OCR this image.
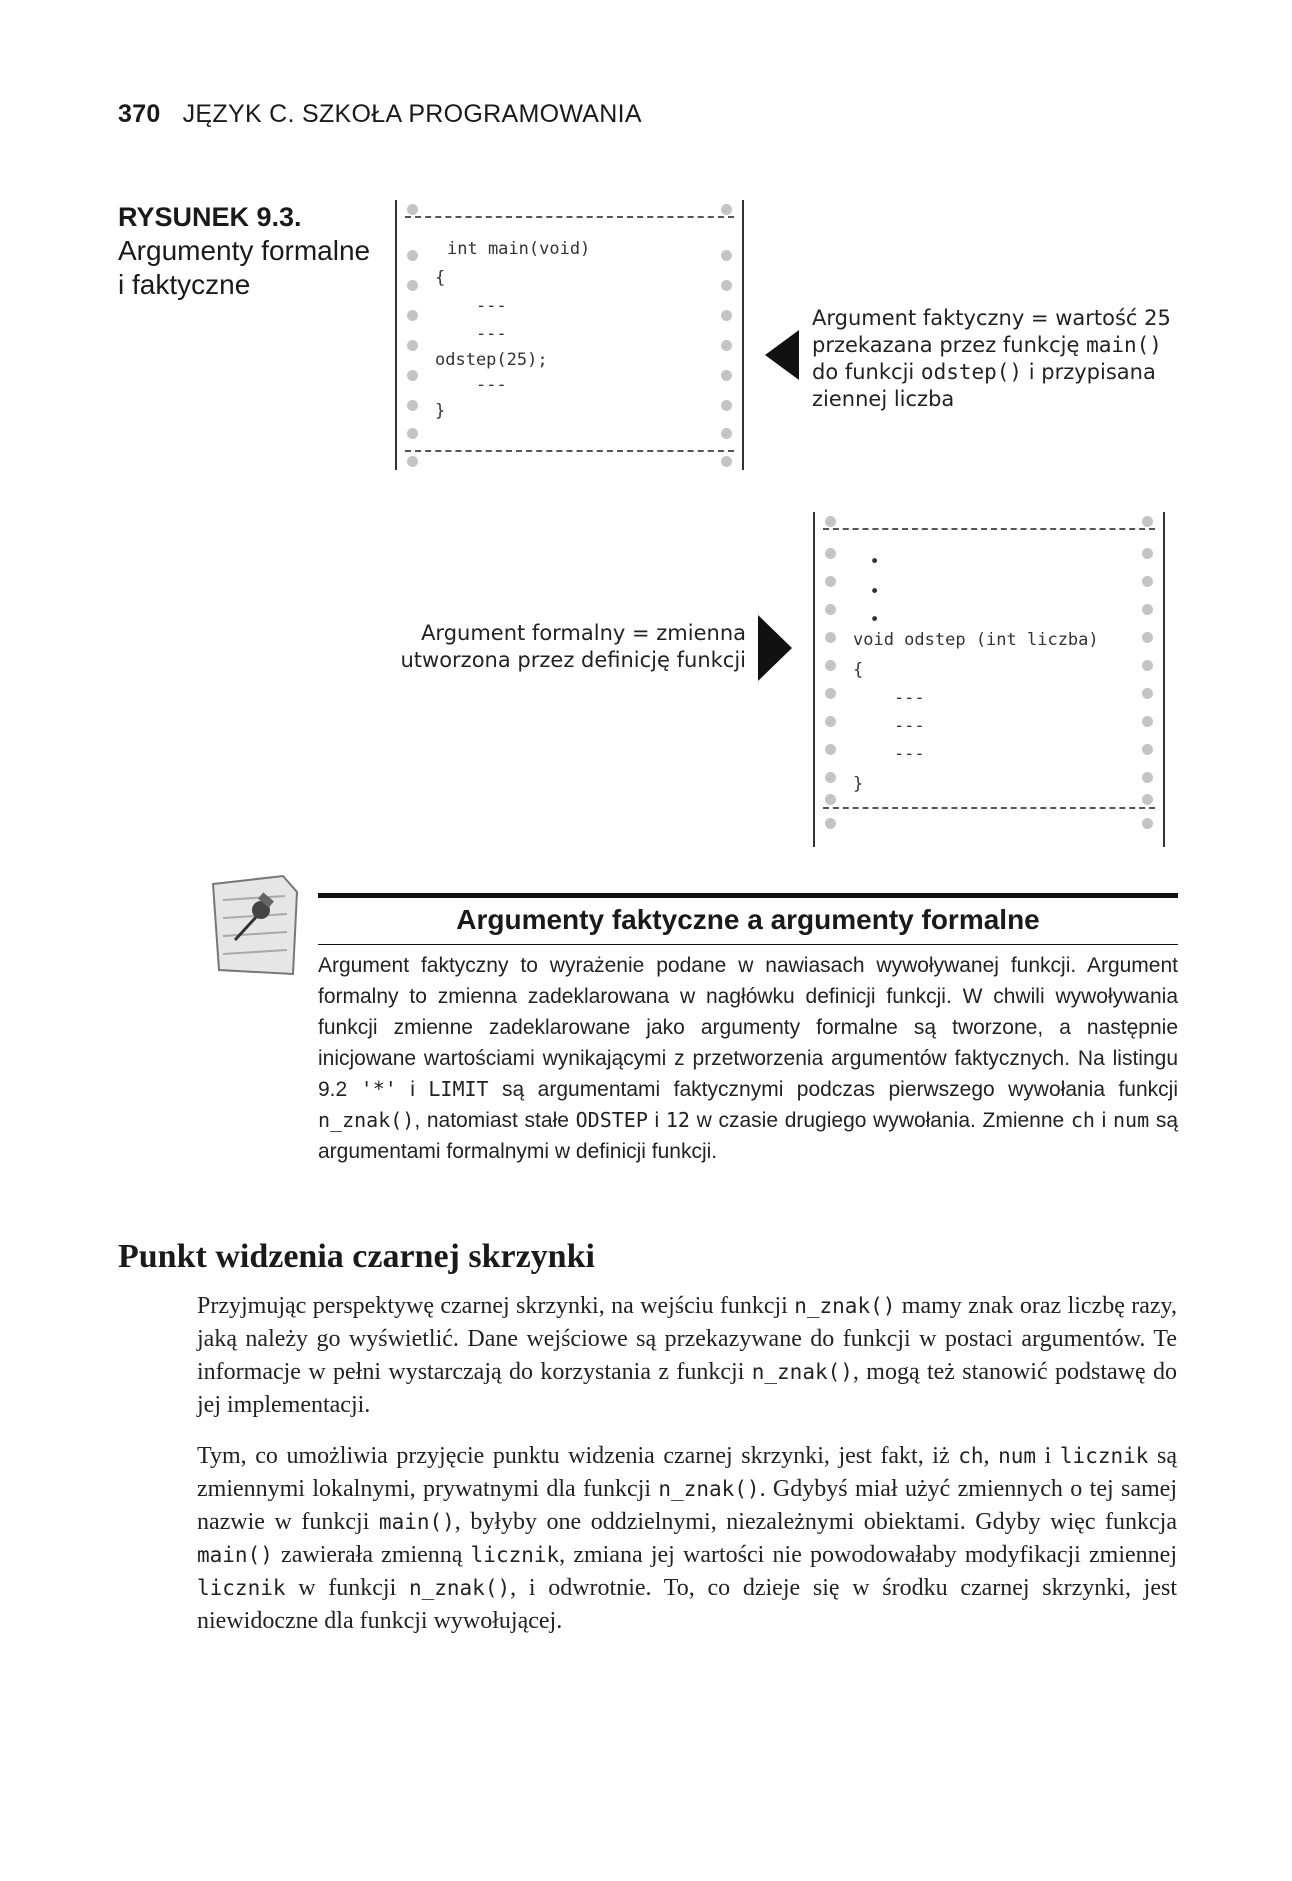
370 JĘZYK C. SZKOŁA PROGRAMOWANIA
RYSUNEK 9.3.
Argumenty formalne
i faktyczne
int main(void)
{
---
---
odstep(25);
---
}
Argument faktyczny = wartość 25
przekazana przez funkcję main()
do funkcji odstep() i przypisana
ziennej liczba
Argument formalny = zmienna
utworzona przez definicję funkcji
•
•
•
void odstep (int liczba)
{
---
---
---
}
Argumenty faktyczne a argumenty formalne
Argument faktyczny to wyrażenie podane w nawiasach wywoływanej funkcji. Argument formalny to zmienna zadeklarowana w nagłówku definicji funkcji. W chwili wywoływania funkcji zmienne zadeklarowane jako argumenty formalne są tworzone, a następnie inicjowane wartościami wynikającymi z przetworzenia argumentów faktycznych. Na listingu 9.2 '*' i LIMIT są argumentami faktycznymi podczas pierwszego wywołania funkcji n_znak(), natomiast stałe ODSTEP i 12 w czasie drugiego wywołania. Zmienne ch i num są argumentami formalnymi w definicji funkcji.
Punkt widzenia czarnej skrzynki
Przyjmując perspektywę czarnej skrzynki, na wejściu funkcji n_znak() mamy znak oraz liczbę razy, jaką należy go wyświetlić. Dane wejściowe są przekazywane do funkcji w postaci argumentów. Te informacje w pełni wystarczają do korzystania z funkcji n_znak(), mogą też stanowić podstawę do jej implementacji.
Tym, co umożliwia przyjęcie punktu widzenia czarnej skrzynki, jest fakt, iż ch, num i licznik są zmiennymi lokalnymi, prywatnymi dla funkcji n_znak(). Gdybyś miał użyć zmiennych o tej samej nazwie w funkcji main(), byłyby one oddzielnymi, niezależnymi obiektami. Gdyby więc funkcja main() zawierała zmienną licznik, zmiana jej wartości nie powodowałaby modyfikacji zmiennej licznik w funkcji n_znak(), i odwrotnie. To, co dzieje się w środku czarnej skrzynki, jest niewidoczne dla funkcji wywołującej.
